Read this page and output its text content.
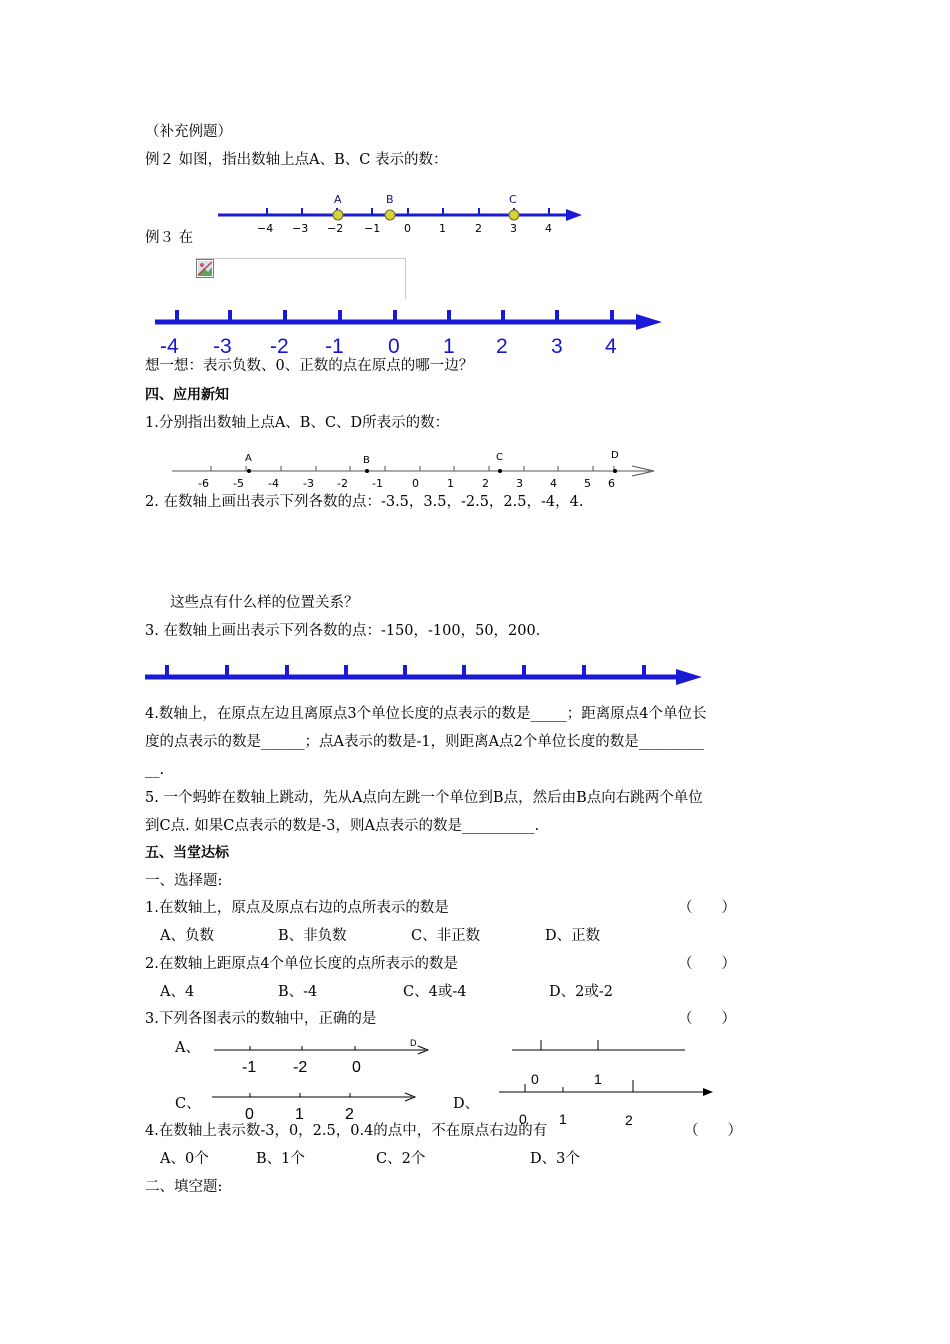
（补充例题）
例２ 如图，指出数轴上点A、B、C 表示的数：
A	B	C
−4 −3 −2 −1 0	1	2	3	4
例３ 在
-4 -3 -2 -1 0 1 2 3 4
想一想：表示负数、0、正数的点在原点的哪一边？
四、应用新知
1.分别指出数轴上点A、B、C、D所表示的数：
A	B	C	D
-6 -5 -4 -3 -2 -1	0	1	2 3 4 5 6
2. 在数轴上画出表示下列各数的点：-3.5，3.5，-2.5，2.5，-4，4.
这些点有什么样的位置关系？
3. 在数轴上画出表示下列各数的点：-150，-100，50，200.
4.数轴上，在原点左边且离原点3个单位长度的点表示的数是_____；距离原点4个单位长
度的点表示的数是______；点A表示的数是-1，则距离A点2个单位长度的数是_________
__.
5. 一个蚂蚱在数轴上跳动，先从A点向左跳一个单位到B点，然后由B点向右跳两个单位
到C点. 如果C点表示的数是-3，则A点表示的数是__________.
五、当堂达标
一、选择题:
1.在数轴上，原点及原点右边的点所表示的数是	（　　）
A、负数	B、非负数	C、非正数	D、正数
2.在数轴上距原点4个单位长度的点所表示的数是	（　　）
A、4	B、-4	C、4或-4	D、2或-2
3.下列各图表示的数轴中，正确的是	（　　）
A、
C、	D、
D
-1 -2	0
0	1
0	1	2	0 1	2
4.在数轴上表示数-3，0，2.5，0.4的点中，不在原点右边的有	（　　）
A、0个	B、1个	C、2个	D、3个
二、填空题:
